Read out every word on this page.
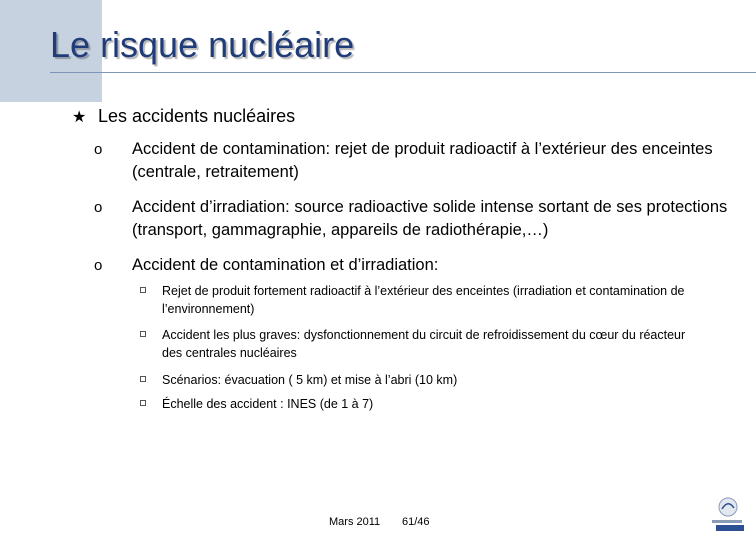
Le risque nucléaire
★ Les accidents nucléaires
o Accident de contamination: rejet de produit radioactif à l’extérieur des enceintes (centrale, retraitement)
o Accident d’irradiation: source radioactive solide intense sortant de ses protections (transport, gammagraphie, appareils de radiothérapie,…)
o Accident de contamination et d’irradiation:
Rejet de produit fortement radioactif à l’extérieur des enceintes (irradiation et contamination de l’environnement)
Accident les plus graves: dysfonctionnement du circuit de refroidissement du cœur du réacteur des centrales nucléaires
Scénarios: évacuation ( 5 km) et mise à l’abri (10 km)
Échelle des accident : INES (de 1 à 7)
Mars 2011 61/46
